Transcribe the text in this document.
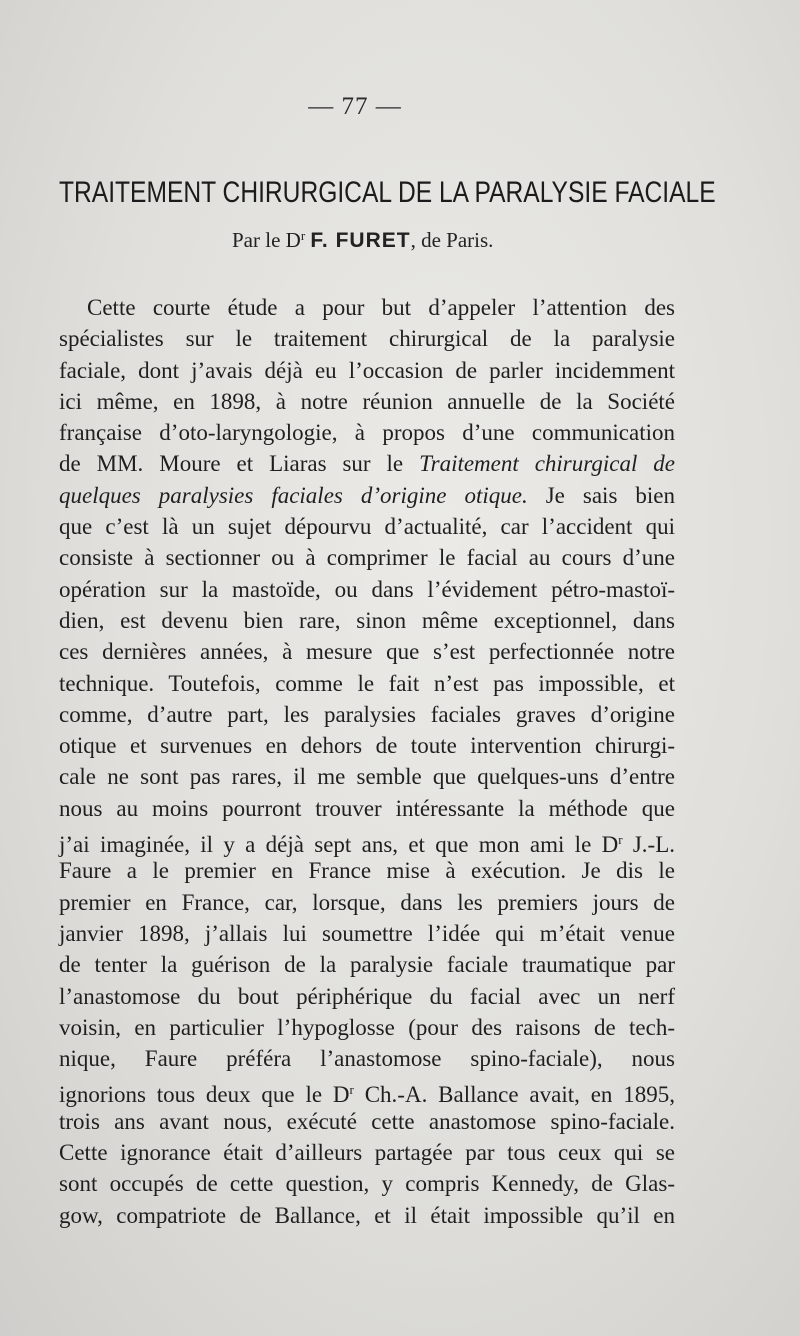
— 77 —
TRAITEMENT CHIRURGICAL DE LA PARALYSIE FACIALE
Par le $D^r$ F. FURET, de Paris.
Cette courte étude a pour but d’appeler l’attention des
spécialistes sur le traitement chirurgical de la paralysie
faciale, dont j’avais déjà eu l’occasion de parler incidemment
ici même, en 1898, à notre réunion annuelle de la Société
française d’oto-laryngologie, à propos d’une communication
de MM. Moure et Liaras sur le Traitement chirurgical de
quelques paralysies faciales d’origine otique. Je sais bien
que c’est là un sujet dépourvu d’actualité, car l’accident qui
consiste à sectionner ou à comprimer le facial au cours d’une
opération sur la mastoïde, ou dans l’évidement pétro-mastoï-
dien, est devenu bien rare, sinon même exceptionnel, dans
ces dernières années, à mesure que s’est perfectionnée notre
technique. Toutefois, comme le fait n’est pas impossible, et
comme, d’autre part, les paralysies faciales graves d’origine
otique et survenues en dehors de toute intervention chirurgi-
cale ne sont pas rares, il me semble que quelques-uns d’entre
nous au moins pourront trouver intéressante la méthode que
j’ai imaginée, il y a déjà sept ans, et que mon ami le $D^r$ J.-L.
Faure a le premier en France mise à exécution. Je dis le
premier en France, car, lorsque, dans les premiers jours de
janvier 1898, j’allais lui soumettre l’idée qui m’était venue
de tenter la guérison de la paralysie faciale traumatique par
l’anastomose du bout périphérique du facial avec un nerf
voisin, en particulier l’hypoglosse (pour des raisons de tech-
nique, Faure préféra l’anastomose spino-faciale), nous
ignorions tous deux que le $D^r$ Ch.-A. Ballance avait, en 1895,
trois ans avant nous, exécuté cette anastomose spino-faciale.
Cette ignorance était d’ailleurs partagée par tous ceux qui se
sont occupés de cette question, y compris Kennedy, de Glas-
gow, compatriote de Ballance, et il était impossible qu’il en
